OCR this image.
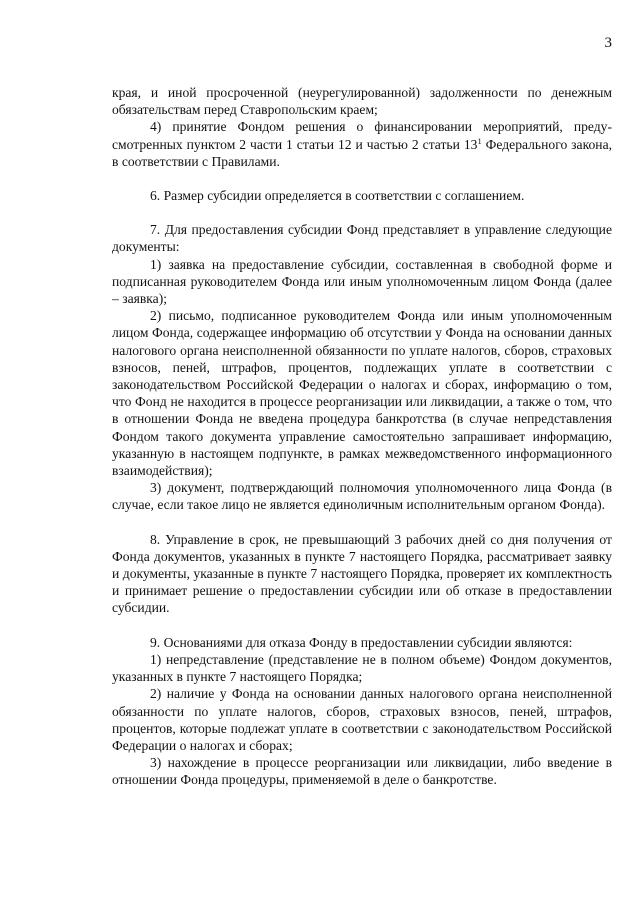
3

края, и иной просроченной (неурегулированной) задолженности по денежным обязательствам перед Ставропольским краем;

4) принятие Фондом решения о финансировании мероприятий, предусмотренных пунктом 2 части 1 статьи 12 и частью 2 статьи $13^1$ Федерального закона, в соответствии с Правилами.

6. Размер субсидии определяется в соответствии с соглашением.

7. Для предоставления субсидии Фонд представляет в управление следующие документы:

1) заявка на предоставление субсидии, составленная в свободной форме и подписанная руководителем Фонда или иным уполномоченным лицом Фонда (далее – заявка);

2) письмо, подписанное руководителем Фонда или иным уполномоченным лицом Фонда, содержащее информацию об отсутствии у Фонда на основании данных налогового органа неисполненной обязанности по уплате налогов, сборов, страховых взносов, пеней, штрафов, процентов, подлежащих уплате в соответствии с законодательством Российской Федерации о налогах и сборах, информацию о том, что Фонд не находится в процессе реорганизации или ликвидации, а также о том, что в отношении Фонда не введена процедура банкротства (в случае непредставления Фондом такого документа управление самостоятельно запрашивает информацию, указанную в настоящем подпункте, в рамках межведомственного информационного взаимодействия);

3) документ, подтверждающий полномочия уполномоченного лица Фонда (в случае, если такое лицо не является единоличным исполнительным органом Фонда).

8. Управление в срок, не превышающий 3 рабочих дней со дня получения от Фонда документов, указанных в пункте 7 настоящего Порядка, рассматривает заявку и документы, указанные в пункте 7 настоящего Порядка, проверяет их комплектность и принимает решение о предоставлении субсидии или об отказе в предоставлении субсидии.

9. Основаниями для отказа Фонду в предоставлении субсидии являются:

1) непредставление (представление не в полном объеме) Фондом документов, указанных в пункте 7 настоящего Порядка;

2) наличие у Фонда на основании данных налогового органа неисполненной обязанности по уплате налогов, сборов, страховых взносов, пеней, штрафов, процентов, которые подлежат уплате в соответствии с законодательством Российской Федерации о налогах и сборах;

3) нахождение в процессе реорганизации или ликвидации, либо введение в отношении Фонда процедуры, применяемой в деле о банкротстве.
